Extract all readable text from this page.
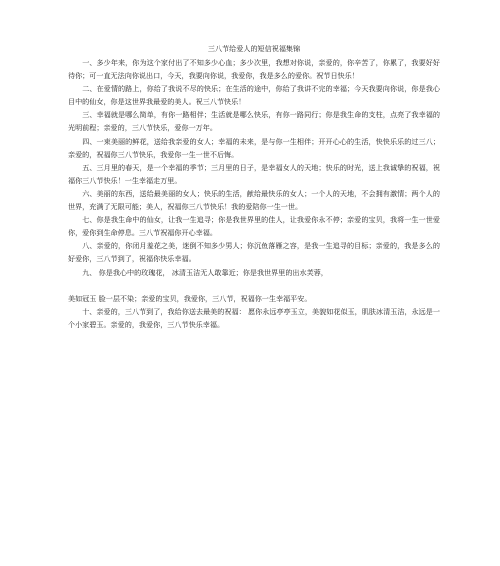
三八节给爱人的短信祝福集锦

一、多少年来，你为这个家付出了不知多少心血；多少次里，我想对你说，亲爱的，你辛苦了，你累了，我要好好待你；可一直无法向你说出口，今天，我要向你说，我爱你，我是多么的爱你。祝节日快乐！

二、在爱情的路上，你给了我说不尽的快乐；在生活的途中，你给了我讲不完的幸福；今天我要向你说，你是我心目中的仙女，你是这世界我最爱的美人。祝三八节快乐！

三、幸福就是哪么简单，有你一路相伴；生活就是哪么快乐，有你一路同行；你是我生命的支柱，点亮了我幸福的光明前程；亲爱的，三八节快乐，爱你一万年。

四、一束美丽的鲜花，送给我亲爱的女人；幸福的未来，是与你一生相伴；开开心心的生活，快快乐乐的过三八；亲爱的，祝福你三八节快乐，我爱你一生一世不后悔。

五、三月里的春天，是一个幸福的季节；三月里的日子，是幸福女人的天地；快乐的时光，送上我诚挚的祝福，祝福你三八节快乐！一生幸福走万里。

六、美丽的东西，送给最美丽的女人；快乐的生活，献给最快乐的女人；一个人的天地，不会拥有激情；两个人的世界，充满了无限可能；美人，祝福你三八节快乐！我的爱陪你一生一世。

七、你是我生命中的仙女，让我一生追寻；你是我世界里的佳人，让我爱你永不停；亲爱的宝贝，我将一生一世爱你，爱你到生命停息。三八节祝福你开心幸福。

八、亲爱的，你闭月羞花之美，迷倒不知多少男人；你沉鱼落雁之容，是我一生追寻的目标；亲爱的，我是多么的好爱你，三八节到了，祝福你快乐幸福。

九、 你是我心中的玫瑰花， 冰清玉洁无人敢靠近；你是我世界里的出水芙蓉，

美如冠玉 脸一层不染；亲爱的宝贝，我爱你，三八节，祝福你一生幸福平安。

十、亲爱的，三八节到了，我给你送去最美的祝福： 愿你永远亭亭玉立，美貌如花似玉，肌肤冰清玉洁，永远是一个小家碧玉。亲爱的，我爱你，三八节快乐幸福。
